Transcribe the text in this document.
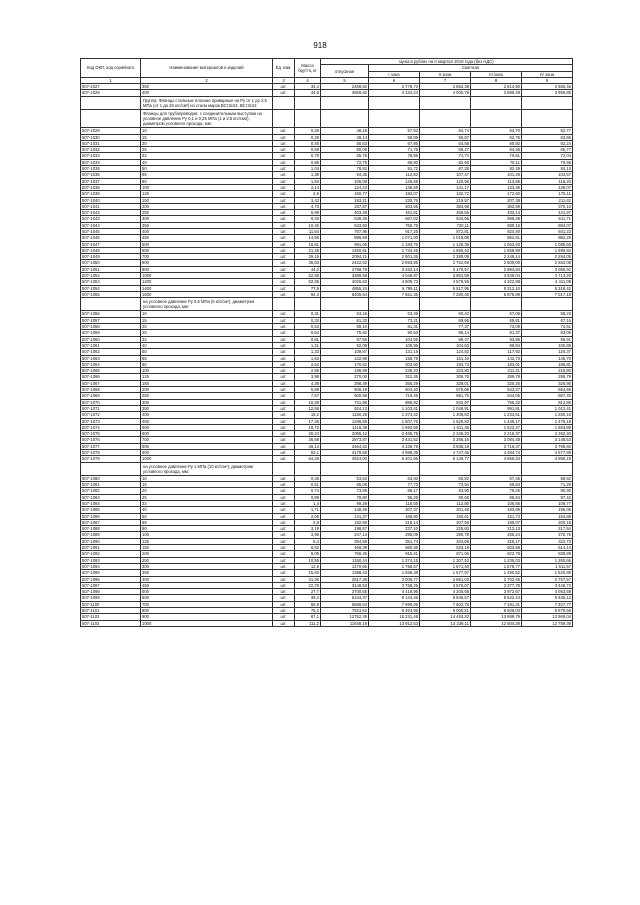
918
Код ОКП, код серийного	Наименование материалов и изделий	Ед. изм.	Масса брутто, кг	Цена в рублях на II квартал 2018 года (без НДС)				
				отпускная	Сметная			
					I зона	II зона	III зона	IV зона
1	2	3	4	5	6	7	8	9
507-1027	350	шт.	34,4	2456,92	2 778,73	2 652,38	2 614,90	2 655,46
507-1028	400	шт.	44,8	3659,82	4 134,24	4 005,78	3 890,49	3 959,85
	Группа: Фланцы стальные плоские приварные на Ру от 1 до 2,5 МПа (от 1 до 25 кгс/см²) из стали марок ВСт3сп2, ВСт3сп3							
	Фланцы для трубопроводов, с соединительным выступом на условное давление Ру 0,1 и 0,25 МПа (1 и 2,5 кгс/см2), диаметром условного прохода, мм:							
507-1029	10	шт.	0,25	48,16	57,93	54,74	54,70	52,77
507-1030	15	шт.	0,29	49,14	58,89	55,87	62,75	63,66
507-1031	20	шт.	0,45	56,63	67,86	64,58	80,92	82,24
507-1032	25	шт.	0,59	60,05	71,75	68,27	64,46	65,77
507-1033	32	шт.	0,79	65,76	78,56	74,74	70,61	72,04
507-1034	40	шт.	0,85	72,75	86,80	82,66	78,11	79,68
507-1035	50	шт.	1,04	76,82	91,72	87,28	82,49	84,13
507-1036	65	шт.	1,39	94,35	112,82	107,47	101,49	103,57
507-1037	80	шт.	1,64	106,09	126,69	120,56	113,86	116,20
507-1038	100	шт.	2,14	124,23	148,59	141,17	133,36	136,07
507-1039	125	шт.	2,6	160,77	192,07	182,72	172,60	176,11
507-1040	150	шт.	3,43	193,21	230,76	219,57	207,38	211,62
507-1041	200	шт.	4,73	337,87	403,55	383,98	362,69	370,10
507-1042	250	шт.	6,99	403,49	481,81	458,55	433,14	441,97
507-1043	300	шт.	9,33	538,45	667,02	634,66	599,49	611,71
507-1044	350	шт.	10,45	633,60	756,78	720,11	680,16	694,07
507-1045	400	шт.	11,64	767,96	917,25	872,81	824,40	841,23
507-1046	450	шт.	14,56	896,69	1 071,00	1 019,08	962,51	982,25
507-1047	500	шт.	16,61	991,05	1 183,76	1 126,39	1 063,93	1 085,65
507-1048	600	шт.	21,35	1450,91	1 734,45	1 650,43	1 558,89	1 590,84
507-1049	700	шт.	29,15	2094,21	2 501,35	2 380,09	2 248,14	2 294,05
507-1050	800	шт.	36,63	2422,62	2 893,85	2 752,69	2 600,00	2 653,08
507-1051	900	шт.	44,2	2789,78	3 332,14	3 170,57	2 994,84	3 055,92
507-1052	1000	шт.	52,58	3389,58	4 048,87	3 852,59	3 639,04	3 713,26
507-1053	1200	шт.	62,36	4026,83	4 809,73	4 576,56	4 322,88	4 411,08
507-1054	1400	шт.	77,6	4855,24	5 799,11	5 517,95	5 212,10	5 318,42
507-1055	1600	шт.	94,3	6405,64	7 651,35	7 280,45	6 876,89	7 017,19
	на условное давление Ру 0,6 МПа (6 кгс/см²), диаметром условного прохода, мм:							
507-1056	10	шт.	0,31	53,16	63,49	60,43	57,06	58,23
507-1057	15	шт.	0,33	61,32	73,21	69,66	65,81	67,16
507-1058	20	шт.	0,53	68,10	81,31	77,37	73,09	74,61
507-1059	25	шт.	0,64	75,82	90,53	86,14	81,37	83,05
507-1060	32	шт.	0,81	87,55	104,55	99,47	93,96	95,91
507-1061	40	шт.	1,21	92,09	109,95	104,63	98,84	100,89
507-1062	50	шт.	1,33	109,87	131,19	124,82	117,92	120,37
507-1063	65	шт.	1,63	132,99	158,79	151,10	142,73	145,70
507-1064	80	шт.	2,64	170,52	203,60	193,73	183,01	186,81
507-1065	100	шт.	2,85	196,98	235,20	223,80	211,41	215,80
507-1066	125	шт.	3,98	270,00	322,35	306,75	289,78	295,79
507-1067	150	шт.	4,39	298,39	356,29	339,01	320,25	326,90
507-1068	200	шт.	5,89	506,19	604,40	575,09	543,27	554,55
507-1069	250	шт.	7,57	600,58	716,49	681,75	644,05	657,40
507-1070	300	шт.	10,28	741,95	885,92	842,97	796,32	812,86
507-1071	350	шт.	12,59	924,13	1 103,41	1 049,91	991,81	1 012,41
507-1072	400	шт.	15,2	1150,26	1 373,42	1 306,83	1 234,51	1 260,15
507-1073	450	шт.	17,25	1346,55	1 607,76	1 529,82	1 445,17	1 475,18
507-1074	500	шт.	19,72	1418,39	1 693,56	1 611,45	1 522,27	1 553,89
507-1075	600	шт.	26,24	2065,12	2 465,75	2 346,20	2 216,37	2 262,40
507-1076	700	шт.	36,68	2873,87	3 431,52	3 265,16	3 084,48	3 148,53
507-1077	800	шт.	46,14	3464,52	4 136,78	3 936,19	3 718,37	3 795,60
507-1078	900	шт.	53,1	4178,58	4 989,35	4 747,45	4 484,74	4 577,89
507-1079	1000	шт.	64,26	4524,00	5 401,56	5 139,77	4 855,34	4 956,19
	на условное давление Ру 1 МПа (10 кгс/см²), диаметром условного прохода, мм:							
507-1080	10	шт.	0,45	53,53	63,93	60,82	57,46	58,62
507-1081	15	шт.	0,51	65,08	77,73	73,94	69,84	71,29
507-1082	20	шт.	0,74	73,85	88,17	83,90	79,25	80,90
507-1083	25	шт.	0,89	79,80	95,28	90,66	85,64	87,42
507-1084	32	шт.	1,4	99,29	118,55	112,80	106,56	108,77
507-1085	40	шт.	1,71	148,49	207,37	201,46	193,69	196,06
507-1086	50	шт.	2,06	141,37	168,80	160,61	151,73	154,88
507-1087	65	шт.	2,8	182,59	218,14	207,56	196,07	200,15
507-1088	80	шт.	3,19	198,57	237,10	225,60	213,13	217,54
507-1089	100	шт.	3,96	247,14	295,09	280,78	265,24	270,75
507-1090	125	шт.	5,4	294,59	351,74	334,69	316,17	322,73
507-1091	150	шт.	6,52	469,39	560,36	533,18	503,68	514,14
507-1092	200	шт.	8,05	766,46	915,41	871,06	822,78	839,89
507-1093	250	шт.	10,55	1150,44	1 374,15	1 307,53	1 235,03	1 260,66
507-1094	300	шт.	12,9	1470,66	1 756,57	1 671,40	1 578,77	1 611,57
507-1095	350	шт.	15,83	1388,43	1 658,38	1 577,97	1 490,52	1 520,88
507-1096	400	шт.	21,56	2517,36	3 006,77	2 861,03	2 702,45	2 757,57
507-1097	450	шт.	22,78	3146,53	3 758,25	3 576,07	3 377,78	3 446,73
507-1098	500	шт.	27,7	3700,55	4 419,96	4 205,69	3 972,67	4 053,59
507-1099	600	шт.	39,4	5144,37	6 144,46	5 846,57	5 522,44	5 635,12
507-1100	700	шт.	56,9	6689,64	7 990,09	7 602,78	7 181,31	7 327,77
507-1101	800	шт.	75,2	7923,62	9 463,95	9 005,21	8 506,03	8 679,56
507-1102	900	шт.	87,1	12752,39	15 231,48	14 493,32	13 689,79	13 969,04
507-1103	1000	шт.	111,2	11648,19	13 912,53	13 238,11	12 504,26	12 759,39
